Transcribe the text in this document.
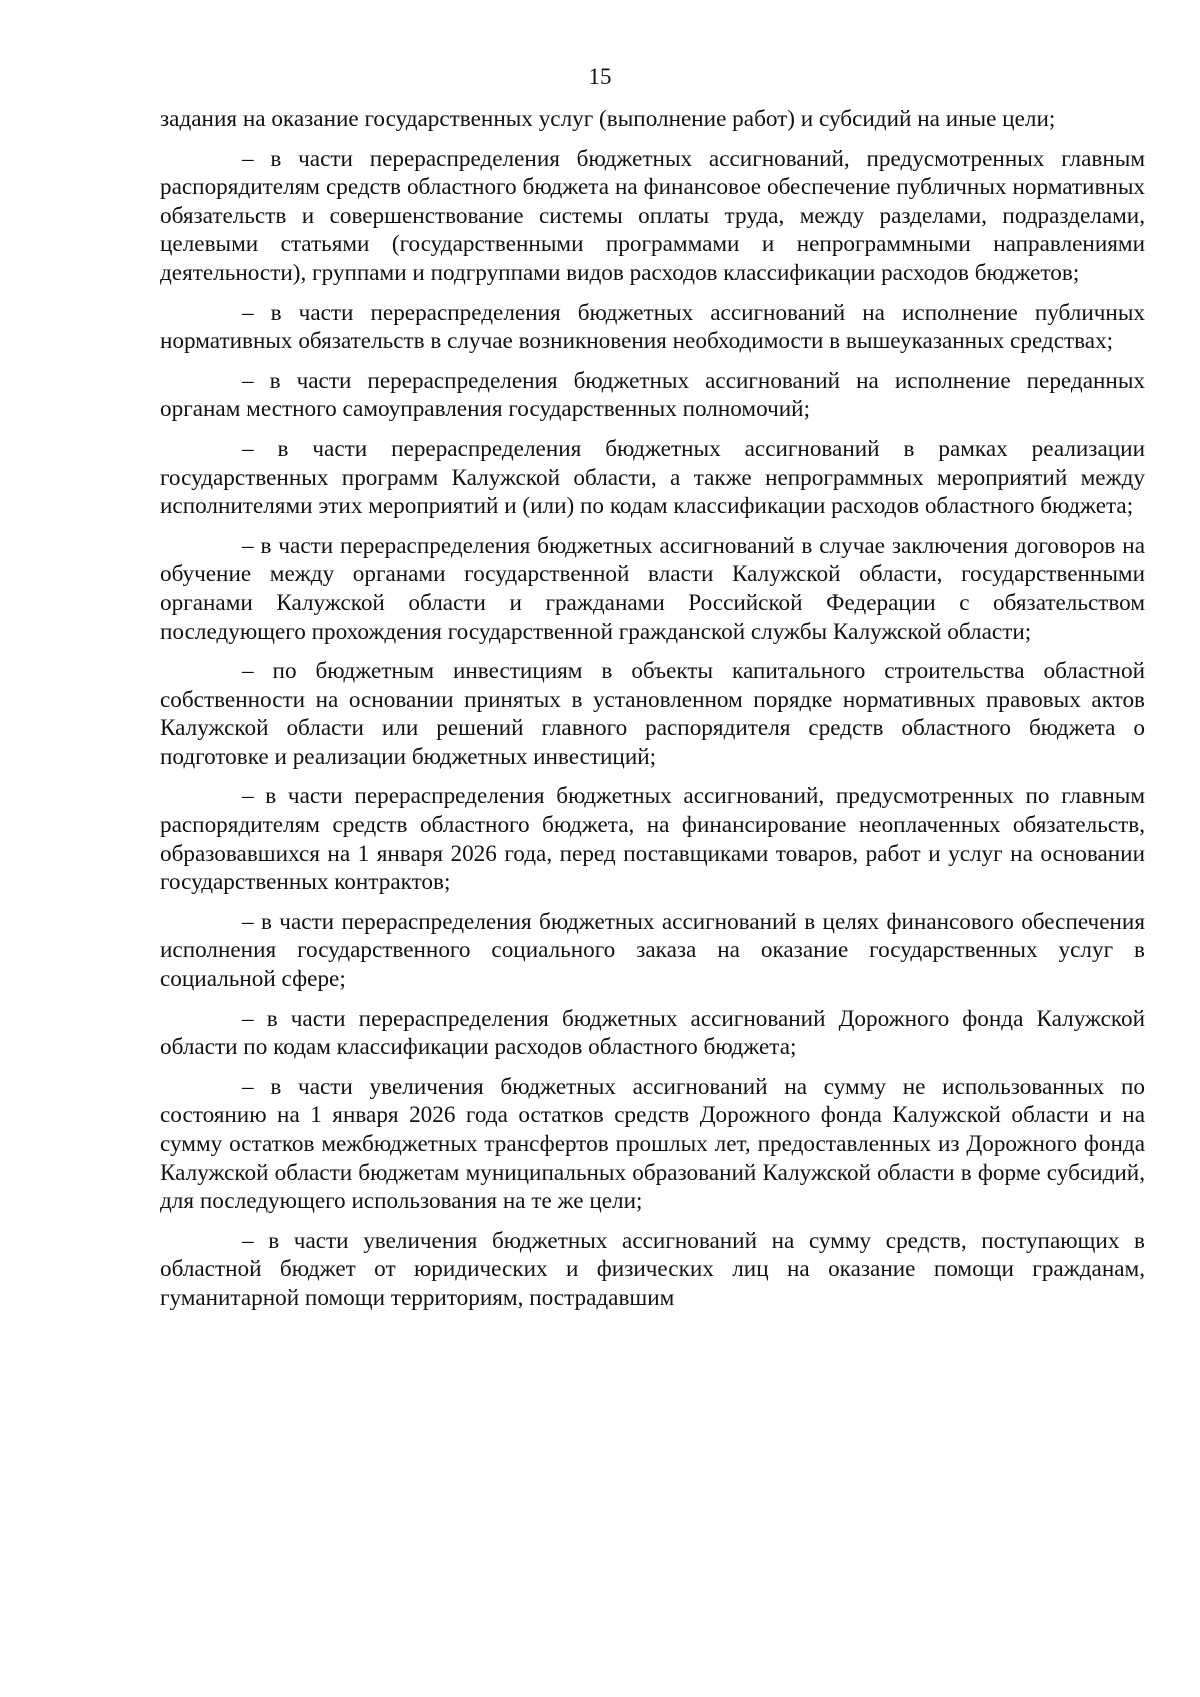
15

задания на оказание государственных услуг (выполнение работ) и субсидий на иные цели;

– в части перераспределения бюджетных ассигнований, предусмотренных главным распорядителям средств областного бюджета на финансовое обеспечение публичных нормативных обязательств и совершенствование системы оплаты труда, между разделами, подразделами, целевыми статьями (государственными программами и непрограммными направлениями деятельности), группами и подгруппами видов расходов классификации расходов бюджетов;

– в части перераспределения бюджетных ассигнований на исполнение публичных нормативных обязательств в случае возникновения необходимости в вышеуказанных средствах;

– в части перераспределения бюджетных ассигнований на исполнение переданных органам местного самоуправления государственных полномочий;

– в части перераспределения бюджетных ассигнований в рамках реализации государственных программ Калужской области, а также непрограммных мероприятий между исполнителями этих мероприятий и (или) по кодам классификации расходов областного бюджета;

– в части перераспределения бюджетных ассигнований в случае заключения договоров на обучение между органами государственной власти Калужской области, государственными органами Калужской области и гражданами Российской Федерации с обязательством последующего прохождения государственной гражданской службы Калужской области;

– по бюджетным инвестициям в объекты капитального строительства областной собственности на основании принятых в установленном порядке нормативных правовых актов Калужской области или решений главного распорядителя средств областного бюджета о подготовке и реализации бюджетных инвестиций;

– в части перераспределения бюджетных ассигнований, предусмотренных по главным распорядителям средств областного бюджета, на финансирование неоплаченных обязательств, образовавшихся на 1 января 2026 года, перед поставщиками товаров, работ и услуг на основании государственных контрактов;

– в части перераспределения бюджетных ассигнований в целях финансового обеспечения исполнения государственного социального заказа на оказание государственных услуг в социальной сфере;

– в части перераспределения бюджетных ассигнований Дорожного фонда Калужской области по кодам классификации расходов областного бюджета;

– в части увеличения бюджетных ассигнований на сумму не использованных по состоянию на 1 января 2026 года остатков средств Дорожного фонда Калужской области и на сумму остатков межбюджетных трансфертов прошлых лет, предоставленных из Дорожного фонда Калужской области бюджетам муниципальных образований Калужской области в форме субсидий, для последующего использования на те же цели;

– в части увеличения бюджетных ассигнований на сумму средств, поступающих в областной бюджет от юридических и физических лиц на оказание помощи гражданам, гуманитарной помощи территориям, пострадавшим
